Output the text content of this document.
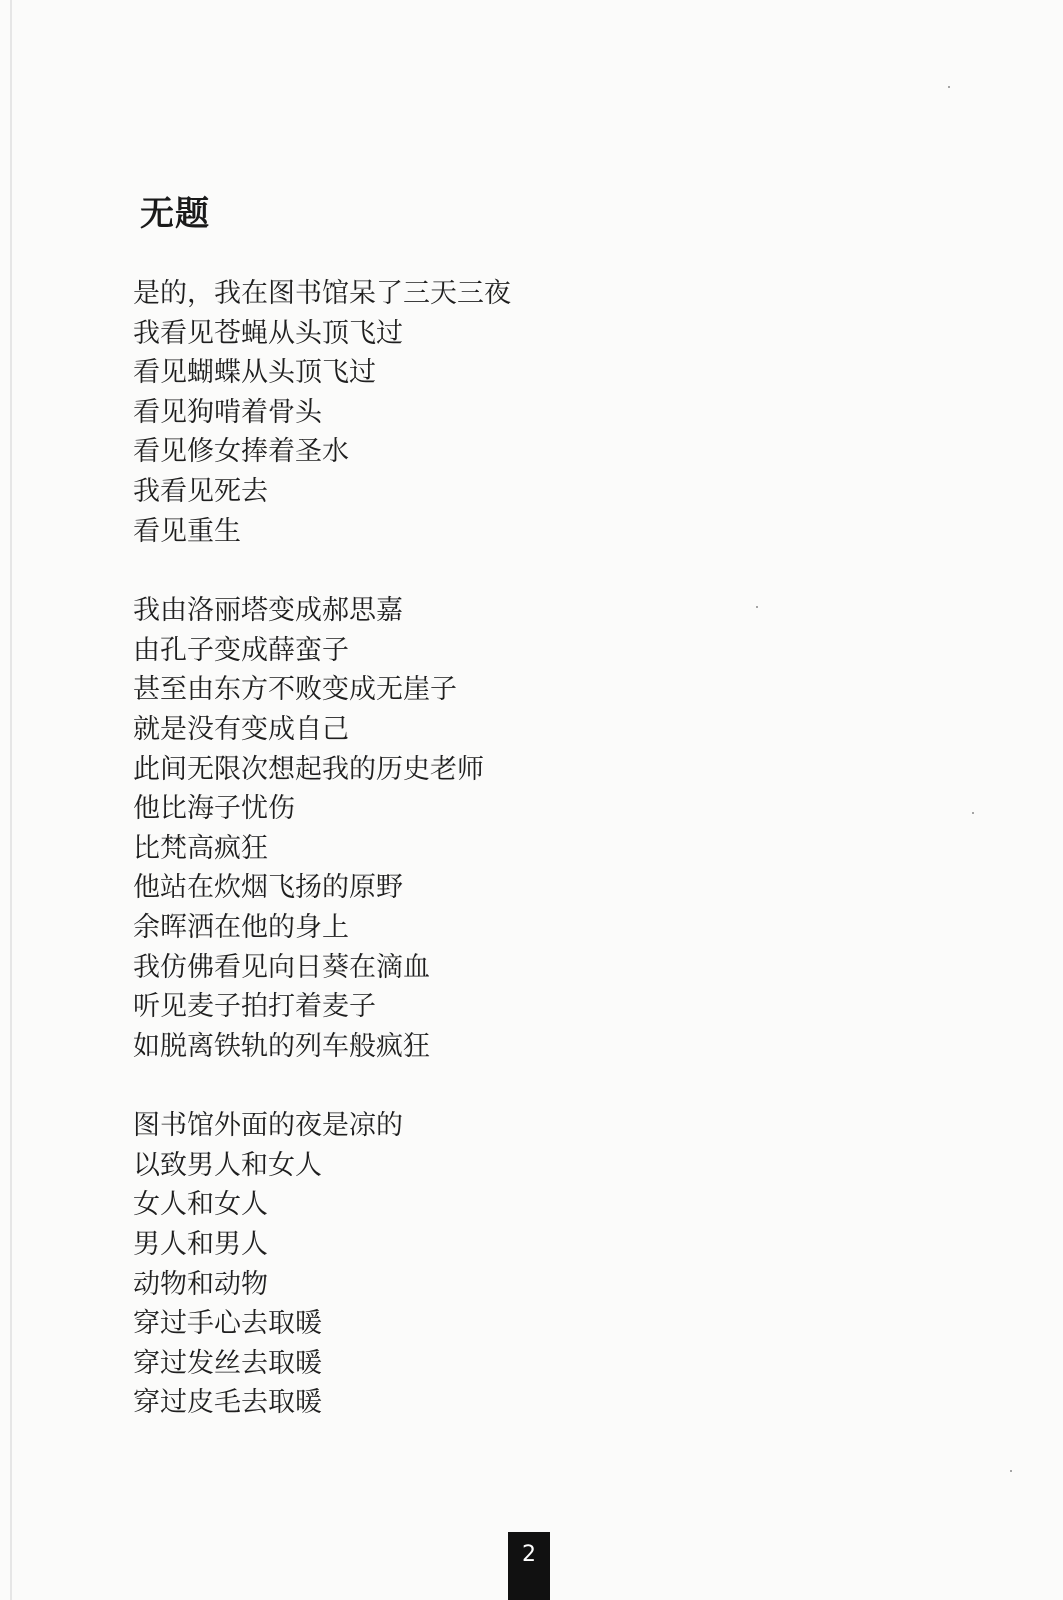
无题
是的，我在图书馆呆了三天三夜
我看见苍蝇从头顶飞过
看见蝴蝶从头顶飞过
看见狗啃着骨头
看见修女捧着圣水
我看见死去
看见重生
我由洛丽塔变成郝思嘉
由孔子变成薛蛮子
甚至由东方不败变成无崖子
就是没有变成自己
此间无限次想起我的历史老师
他比海子忧伤
比梵高疯狂
他站在炊烟飞扬的原野
余晖洒在他的身上
我仿佛看见向日葵在滴血
听见麦子拍打着麦子
如脱离铁轨的列车般疯狂
图书馆外面的夜是凉的
以致男人和女人
女人和女人
男人和男人
动物和动物
穿过手心去取暖
穿过发丝去取暖
穿过皮毛去取暖
2
